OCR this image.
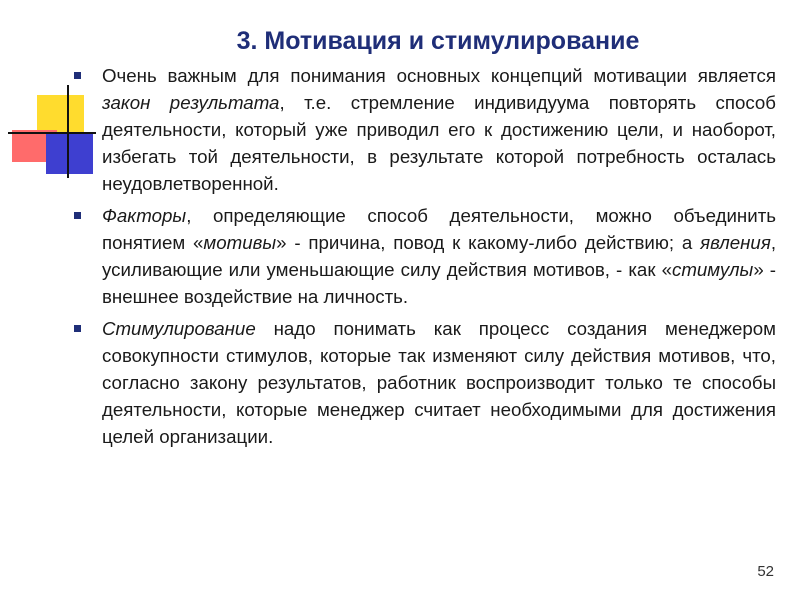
3. Мотивация и стимулирование
Очень важным для понимания основных концепций мотивации является закон результата, т.е. стремление индивидуума повторять способ деятельности, который уже приводил его к достижению цели, и наоборот, избегать той деятельности, в результате которой потребность осталась неудовлетворенной.
Факторы, определяющие способ деятельности, можно объединить понятием «мотивы» - причина, повод к какому-либо действию; а явления, усиливающие или уменьшающие силу действия мотивов, - как «стимулы» - внешнее воздействие на личность.
Стимулирование надо понимать как процесс создания менеджером совокупности стимулов, которые так изменяют силу действия мотивов, что, согласно закону результатов, работник воспроизводит только те способы деятельности, которые менеджер считает необходимыми для достижения целей организации.
52
